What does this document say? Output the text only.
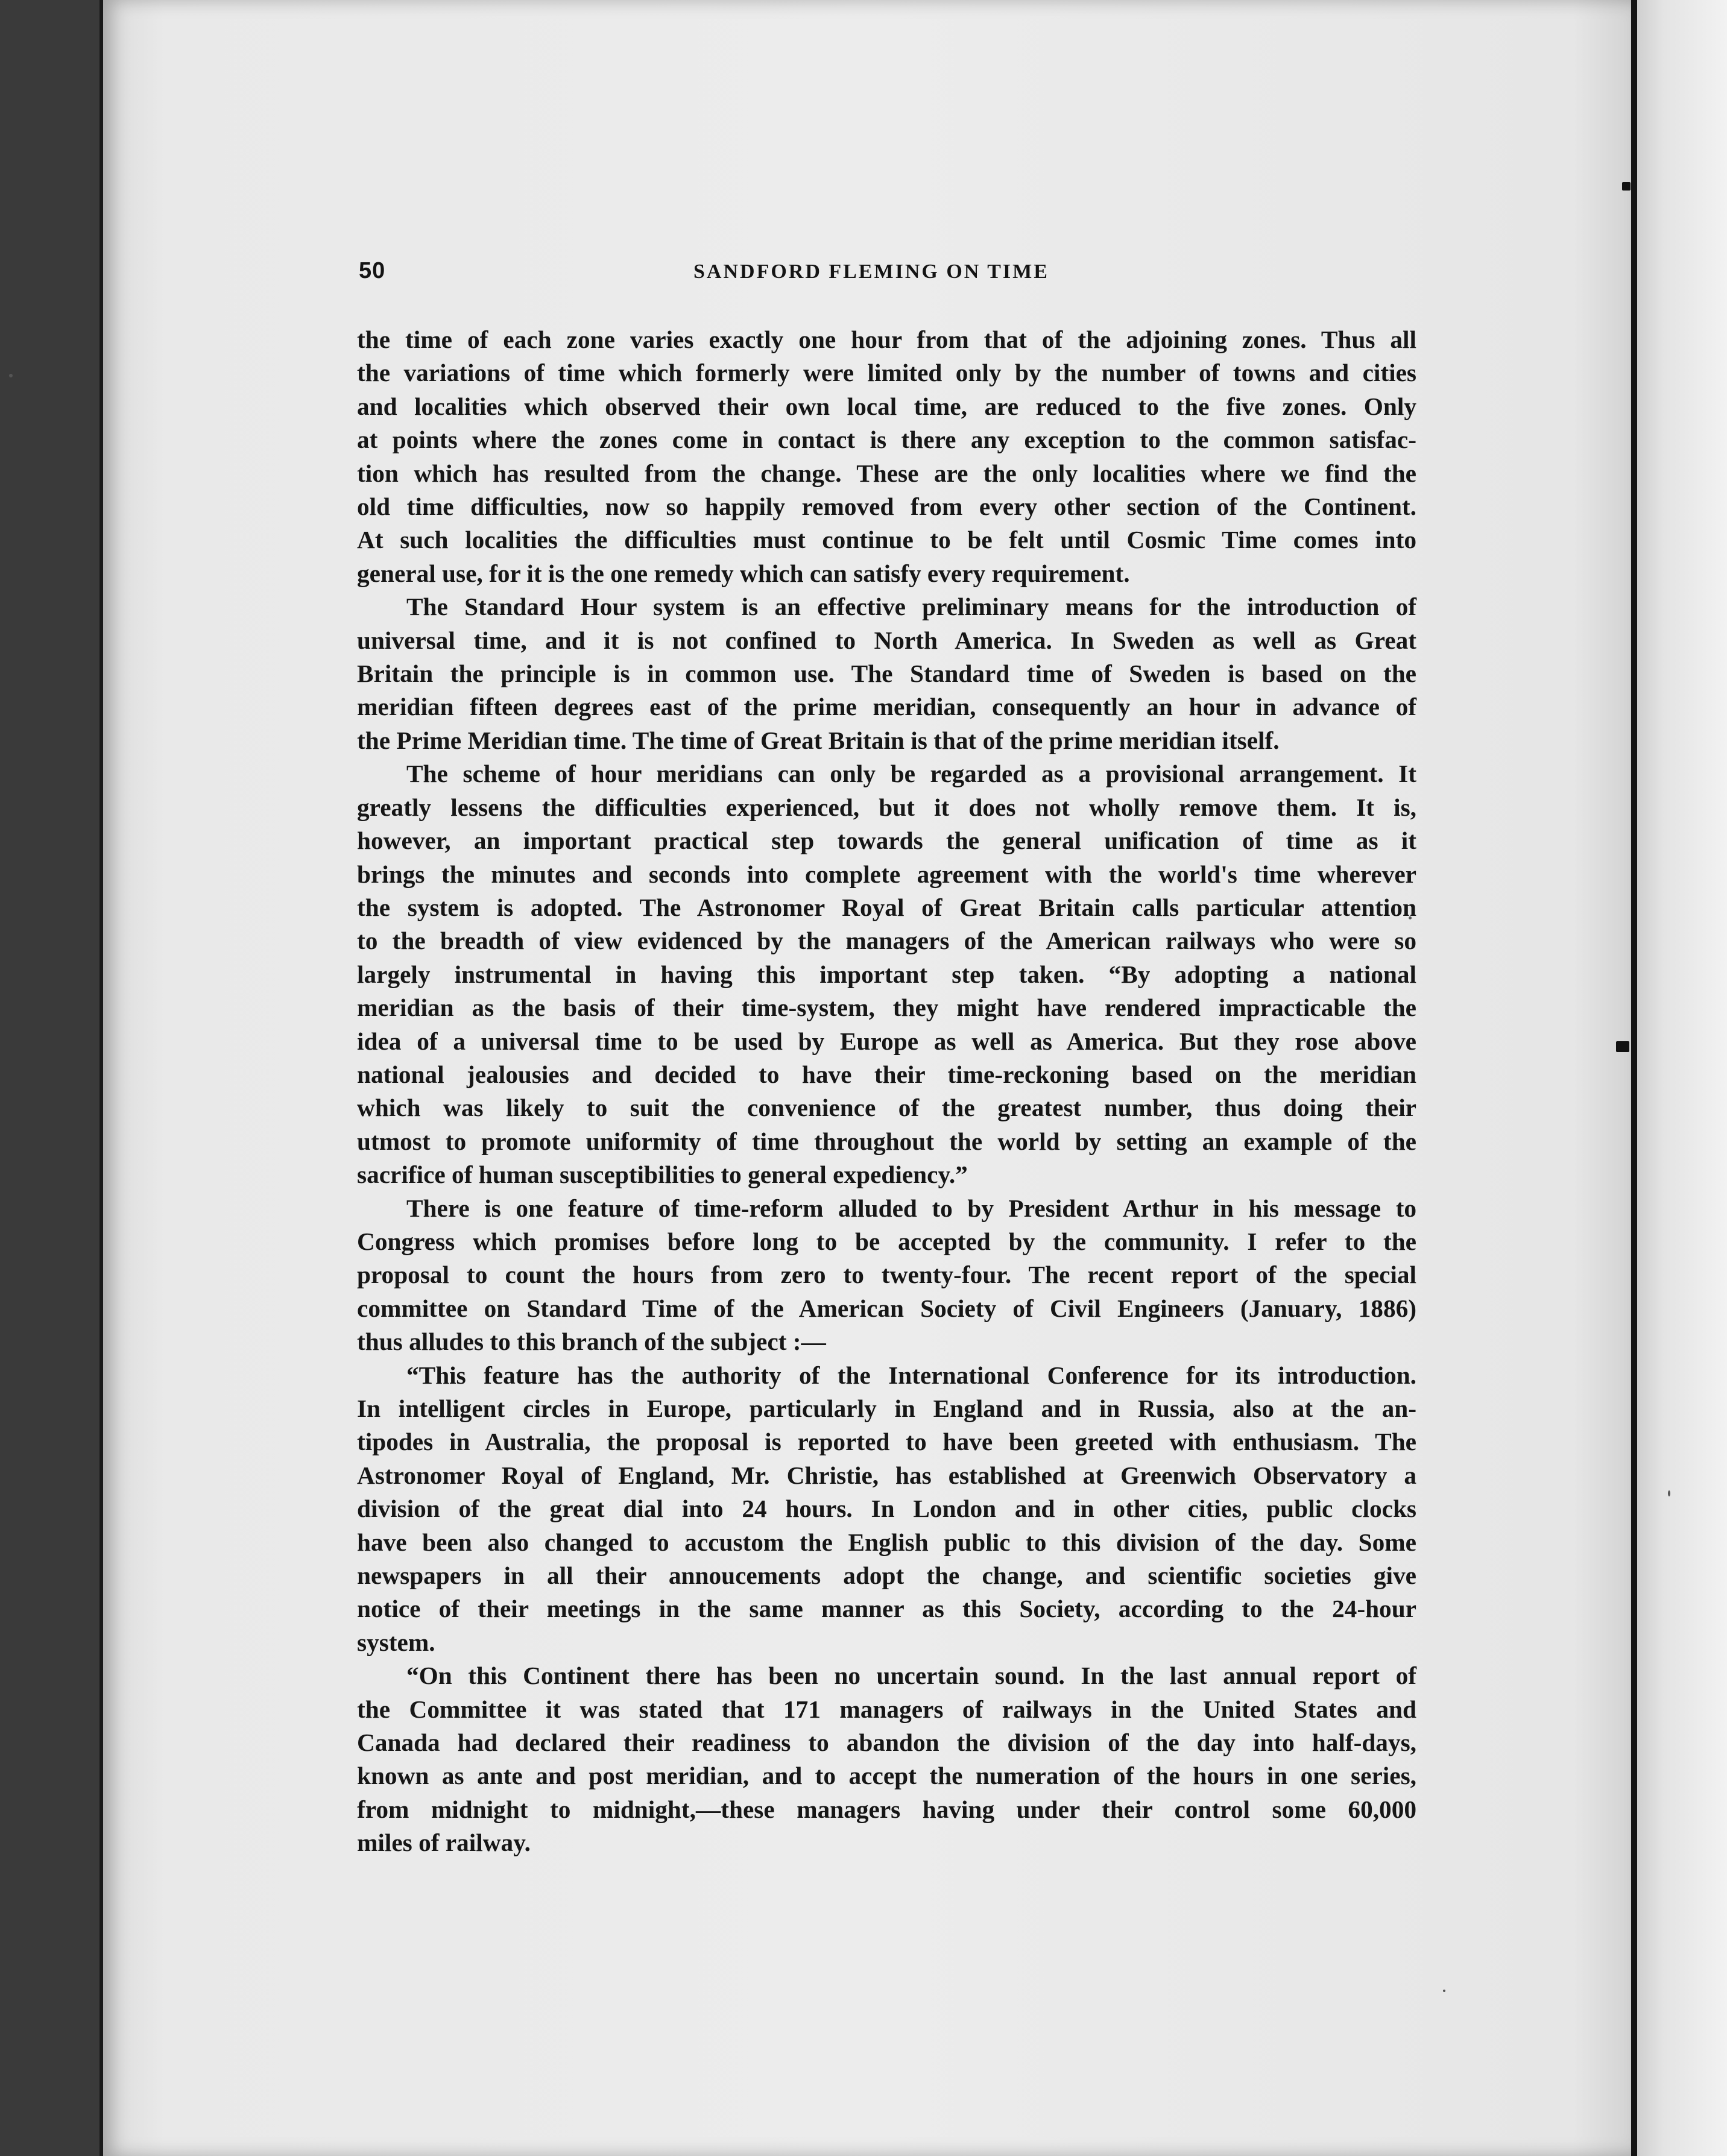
50	SANDFORD FLEMING ON TIME
the time of each zone varies exactly one hour from that of the adjoining zones. Thus all
the variations of time which formerly were limited only by the number of towns and cities
and localities which observed their own local time, are reduced to the five zones. Only
at points where the zones come in contact is there any exception to the common satisfac-
tion which has resulted from the change. These are the only localities where we find the
old time difficulties, now so happily removed from every other section of the Continent.
At such localities the difficulties must continue to be felt until Cosmic Time comes into
general use, for it is the one remedy which can satisfy every requirement.
The Standard Hour system is an effective preliminary means for the introduction of
universal time, and it is not confined to North America. In Sweden as well as Great
Britain the principle is in common use. The Standard time of Sweden is based on the
meridian fifteen degrees east of the prime meridian, consequently an hour in advance of
the Prime Meridian time. The time of Great Britain is that of the prime meridian itself.
The scheme of hour meridians can only be regarded as a provisional arrangement. It
greatly lessens the difficulties experienced, but it does not wholly remove them. It is,
however, an important practical step towards the general unification of time as it
brings the minutes and seconds into complete agreement with the world's time wherever
the system is adopted. The Astronomer Royal of Great Britain calls particular attention
to the breadth of view evidenced by the managers of the American railways who were so
largely instrumental in having this important step taken. “By adopting a national
meridian as the basis of their time-system, they might have rendered impracticable the
idea of a universal time to be used by Europe as well as America. But they rose above
national jealousies and decided to have their time-reckoning based on the meridian
which was likely to suit the convenience of the greatest number, thus doing their
utmost to promote uniformity of time throughout the world by setting an example of the
sacrifice of human susceptibilities to general expediency.”
There is one feature of time-reform alluded to by President Arthur in his message to
Congress which promises before long to be accepted by the community. I refer to the
proposal to count the hours from zero to twenty-four. The recent report of the special
committee on Standard Time of the American Society of Civil Engineers (January, 1886)
thus alludes to this branch of the subject :—
“This feature has the authority of the International Conference for its introduction.
In intelligent circles in Europe, particularly in England and in Russia, also at the an-
tipodes in Australia, the proposal is reported to have been greeted with enthusiasm. The
Astronomer Royal of England, Mr. Christie, has established at Greenwich Observatory a
division of the great dial into 24 hours. In London and in other cities, public clocks
have been also changed to accustom the English public to this division of the day. Some
newspapers in all their annoucements adopt the change, and scientific societies give
notice of their meetings in the same manner as this Society, according to the 24-hour
system.
“On this Continent there has been no uncertain sound. In the last annual report of
the Committee it was stated that 171 managers of railways in the United States and
Canada had declared their readiness to abandon the division of the day into half-days,
known as ante and post meridian, and to accept the numeration of the hours in one series,
from midnight to midnight,—these managers having under their control some 60,000
miles of railway.
